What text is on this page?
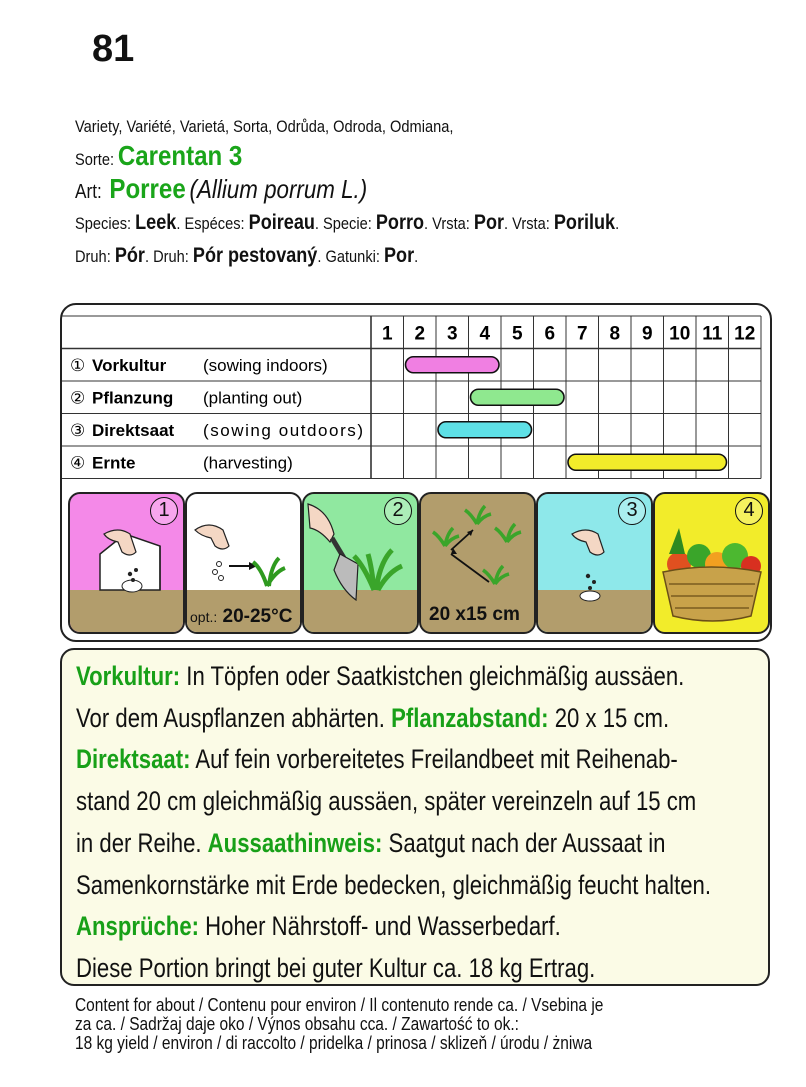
81
Variety, Variété, Varietá, Sorta, Odrůda, Odroda, Odmiana,
Sorte: Carentan 3
Art: Porree (Allium porrum L.)
Species: Leek. Espéces: Poireau. Specie: Porro. Vrsta: Por. Vrsta: Poriluk.
Druh: Pór. Druh: Pór pestovaný. Gatunki: Por.
1 2 3 4 5 6 7 8 9 10 11 12
① Vorkultur (sowing indoors)
② Pflanzung (planting out)
③ Direktsaat (sowing outdoors)
④ Ernte	(harvesting)
1
opt.: 20-25°C
2
20 x15 cm
3	4
Vorkultur: In Töpfen oder Saatkistchen gleichmäßig aussäen.
Vor dem Auspflanzen abhärten. Pflanzabstand: 20 x 15 cm.
Direktsaat: Auf fein vorbereitetes Freilandbeet mit Reihenab-
stand 20 cm gleichmäßig aussäen, später vereinzeln auf 15 cm
in der Reihe. Aussaathinweis: Saatgut nach der Aussaat in
Samenkornstärke mit Erde bedecken, gleichmäßig feucht halten.
Ansprüche: Hoher Nährstoff- und Wasserbedarf.
Diese Portion bringt bei guter Kultur ca. 18 kg Ertrag.
Content for about / Contenu pour environ / Il contenuto rende ca. / Vsebina je
za ca. / Sadržaj daje oko / Výnos obsahu cca. / Zawartość to ok.:
18 kg yield / environ / di raccolto / pridelka / prinosa / sklizeň / úrodu / żniwa
